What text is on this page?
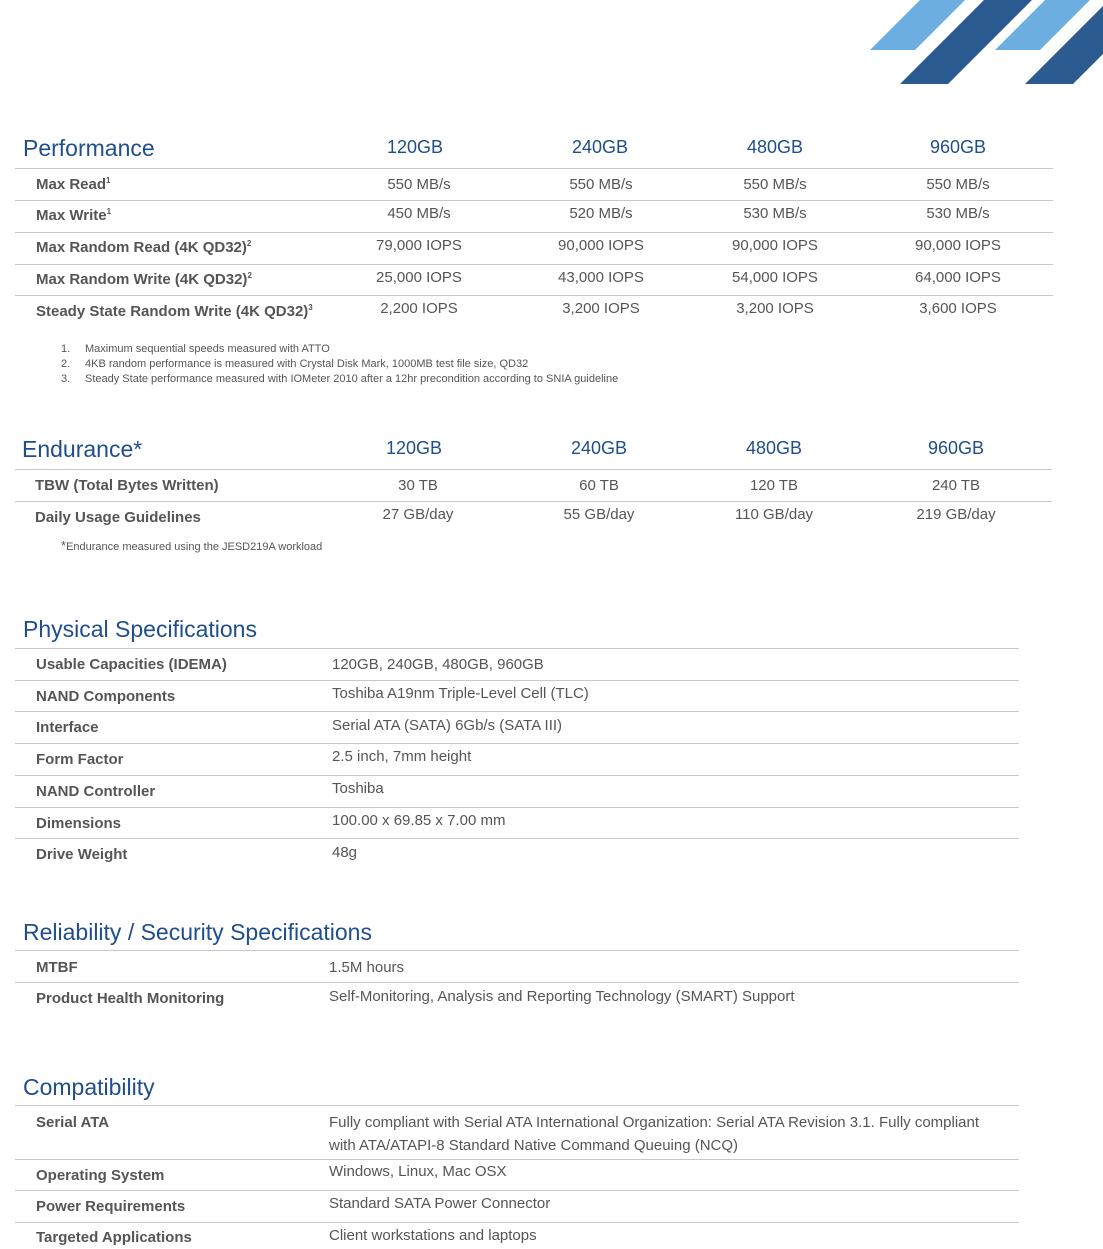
Performance	120GB	240GB	480GB	960GB
Max Read$^1$	550 MB/s	550 MB/s	550 MB/s	550 MB/s
Max Write$^1$	450 MB/s	520 MB/s	530 MB/s	530 MB/s
Max Random Read (4K QD32)$^2$	79,000 IOPS	90,000 IOPS	90,000 IOPS	90,000 IOPS
Max Random Write (4K QD32)$^2$	25,000 IOPS	43,000 IOPS	54,000 IOPS	64,000 IOPS
Steady State Random Write (4K QD32)$^3$	2,200 IOPS	3,200 IOPS	3,200 IOPS	3,600 IOPS
1. Maximum sequential speeds measured with ATTO
2. 4KB random performance is measured with Crystal Disk Mark, 1000MB test file size, QD32
3. Steady State performance measured with IOMeter 2010 after a 12hr precondition according to SNIA guideline
Endurance*	120GB	240GB	480GB	960GB
TBW (Total Bytes Written)	30 TB	60 TB	120 TB	240 TB
Daily Usage Guidelines	27 GB/day	55 GB/day	110 GB/day	219 GB/day
*Endurance measured using the JESD219A workload
Physical Specifications
Usable Capacities (IDEMA)	120GB, 240GB, 480GB, 960GB
NAND Components	Toshiba A19nm Triple-Level Cell (TLC)
Interface	Serial ATA (SATA) 6Gb/s (SATA III)
Form Factor	2.5 inch, 7mm height
NAND Controller	Toshiba
Dimensions	100.00 x 69.85 x 7.00 mm
Drive Weight	48g
Reliability / Security Specifications
MTBF	1.5M hours
Product Health Monitoring	Self-Monitoring, Analysis and Reporting Technology (SMART) Support
Compatibility
Serial ATA	Fully compliant with Serial ATA International Organization: Serial ATA Revision 3.1. Fully compliant with ATA/ATAPI-8 Standard Native Command Queuing (NCQ)
Operating System	Windows, Linux, Mac OSX
Power Requirements	Standard SATA Power Connector
Targeted Applications	Client workstations and laptops
